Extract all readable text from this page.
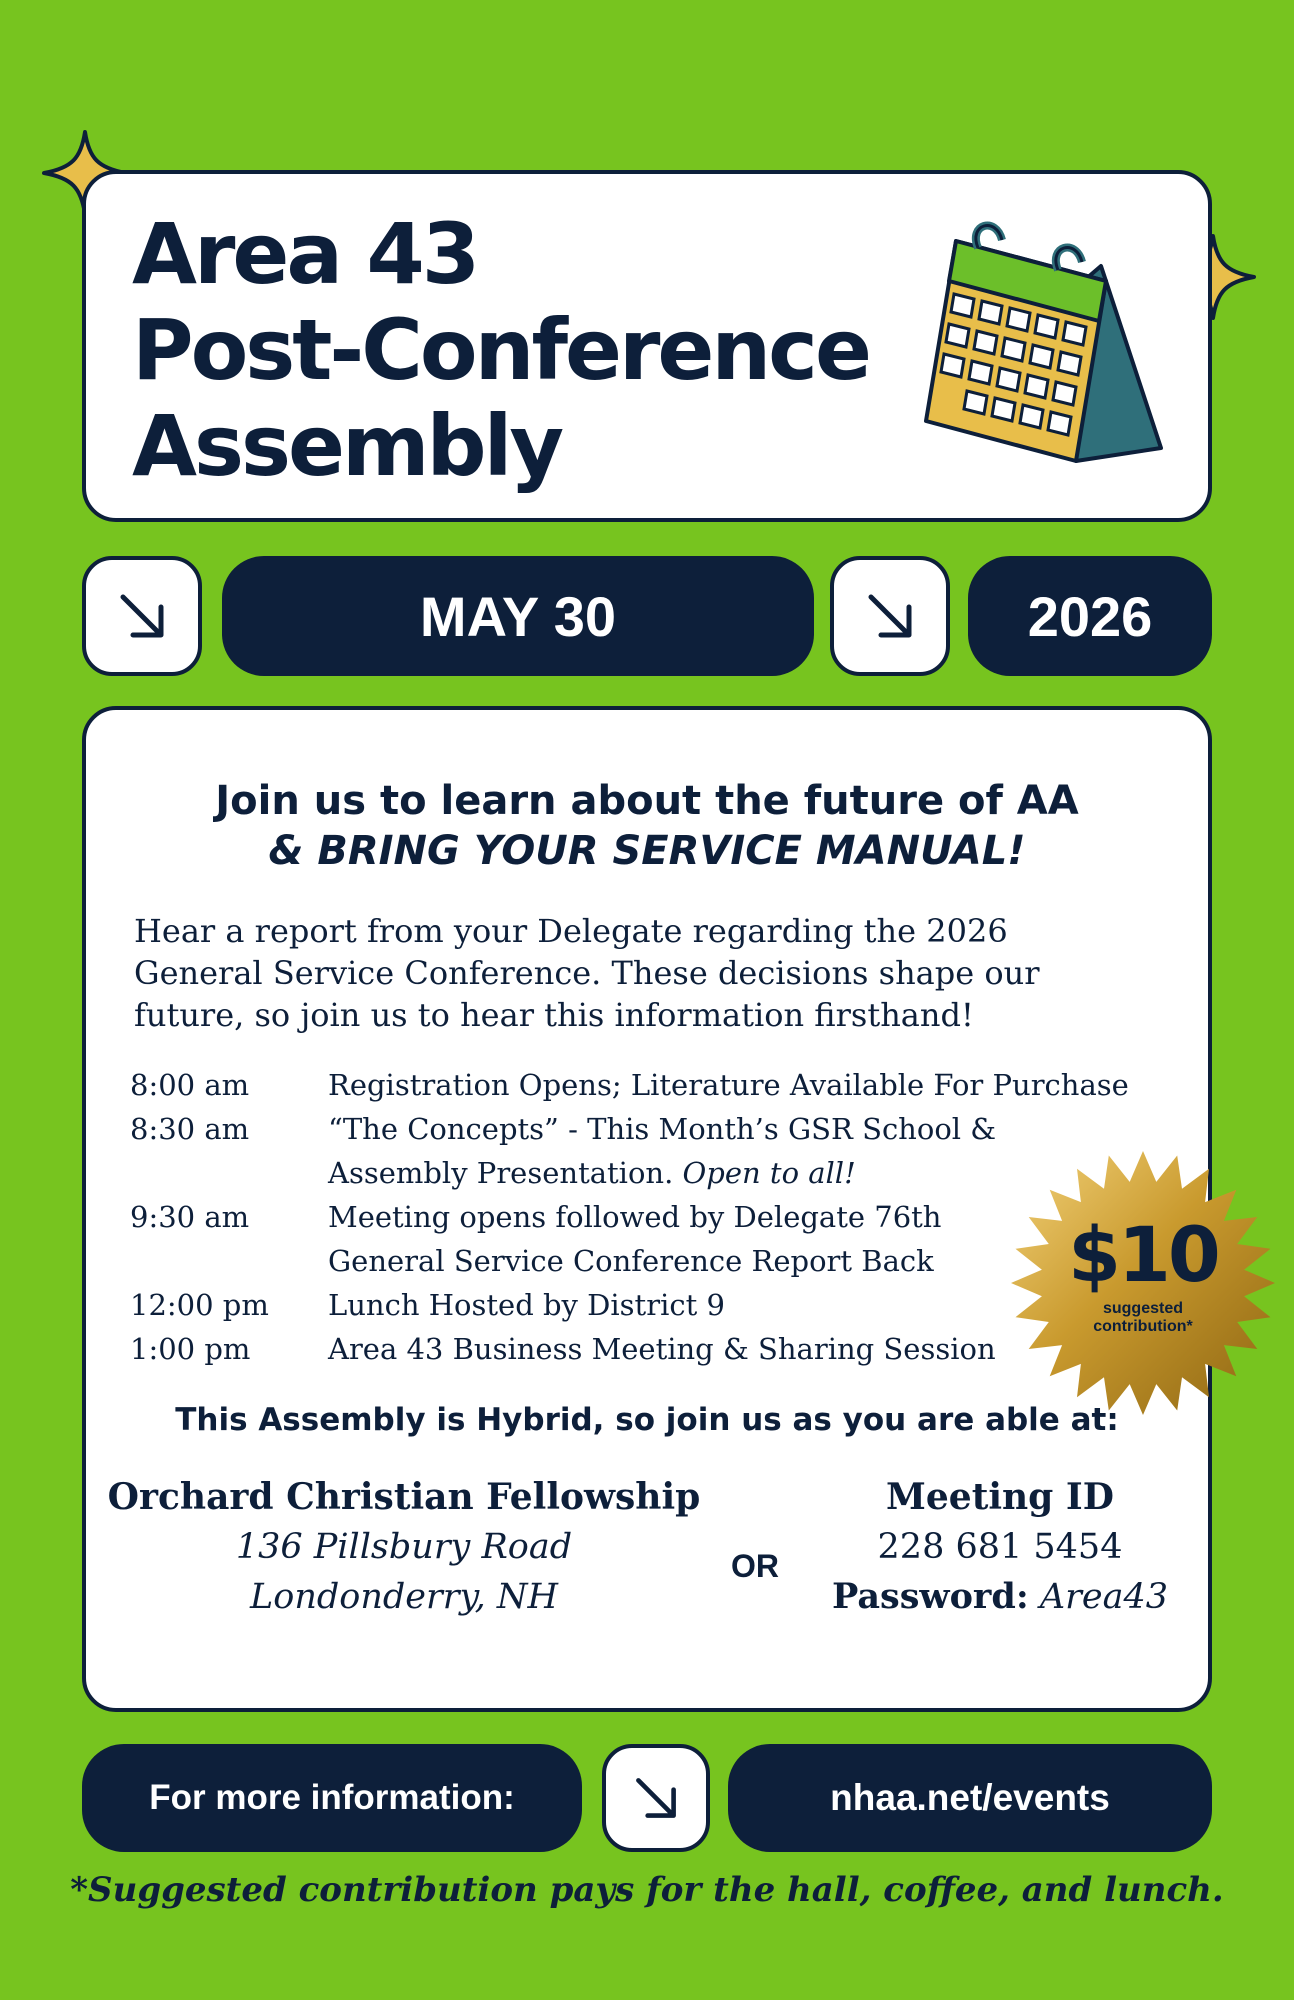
Area 43
Post-Conference
Assembly
MAY 30	2026
Join us to learn about the future of AA
& BRING YOUR SERVICE MANUAL!
Hear a report from your Delegate regarding the 2026
General Service Conference. These decisions shape our
future, so join us to hear this information firsthand!
8:00 am	Registration Opens; Literature Available For Purchase
8:30 am	“The Concepts” - This Month’s GSR School &
Assembly Presentation. Open to all!
9:30 am	Meeting opens followed by Delegate 76th
General Service Conference Report Back
12:00 pm Lunch Hosted by District 9
1:00 pm	Area 43 Business Meeting & Sharing Session
$10
suggested
contribution*
This Assembly is Hybrid, so join us as you are able at:
Orchard Christian Fellowship
136 Pillsbury Road
Londonderry, NH
OR
Meeting ID
228 681 5454
Password: Area43
For more information:	nhaa.net/events
*Suggested contribution pays for the hall, coffee, and lunch.
